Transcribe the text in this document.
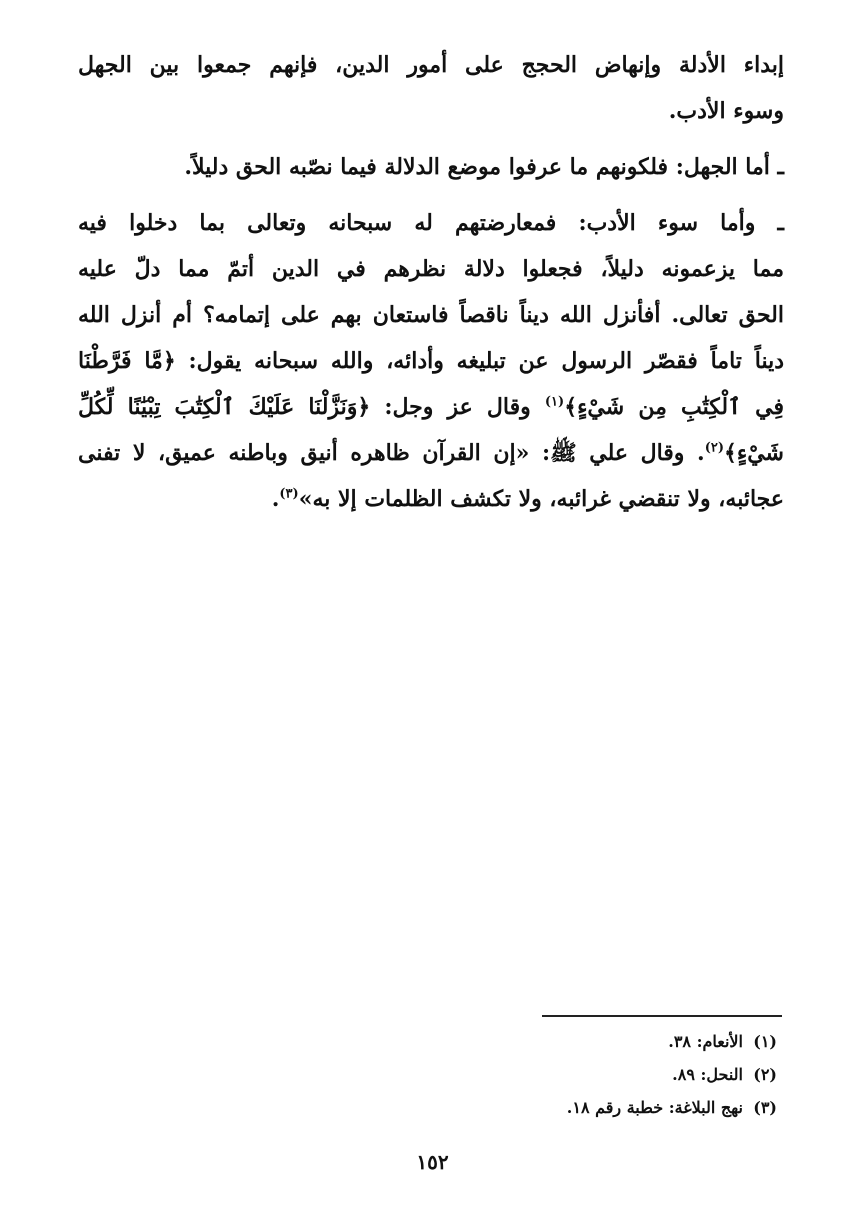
إبداء الأدلة وإنهاض الحجج على أمور الدين، فإنهم جمعوا بين الجهل
وسوء الأدب.
ـ أما الجهل: فلكونهم ما عرفوا موضع الدلالة فيما نصّبه الحق دليلاً.
ـ وأما سوء الأدب: فمعارضتهم له سبحانه وتعالى بما دخلوا فيه
مما يزعمونه دليلاً، فجعلوا دلالة نظرهم في الدين أتمّ مما دلّ عليه
الحق تعالى. أفأنزل الله ديناً ناقصاً فاستعان بهم على إتمامه؟ أم أنزل الله
ديناً تاماً فقصّر الرسول عن تبليغه وأدائه، والله سبحانه يقول: ﴿مَّا فَرَّطْنَا
فِي ٱلْكِتَٰبِ مِن شَيْءٍ﴾$^{(١)}$ وقال عز وجل: ﴿وَنَزَّلْنَا عَلَيْكَ ٱلْكِتَٰبَ تِبْيَٰنًا لِّكُلِّ
شَيْءٍ﴾$^{(٢)}$. وقال علي ﷺ: «إن القرآن ظاهره أنيق وباطنه عميق، لا تفنى
عجائبه، ولا تنقضي غرائبه، ولا تكشف الظلمات إلا به»$^{(٣)}$.
(١)الأنعام: ٣٨.
(٢)النحل: ٨٩.
(٣)نهج البلاغة: خطبة رقم ١٨.
١٥٢
